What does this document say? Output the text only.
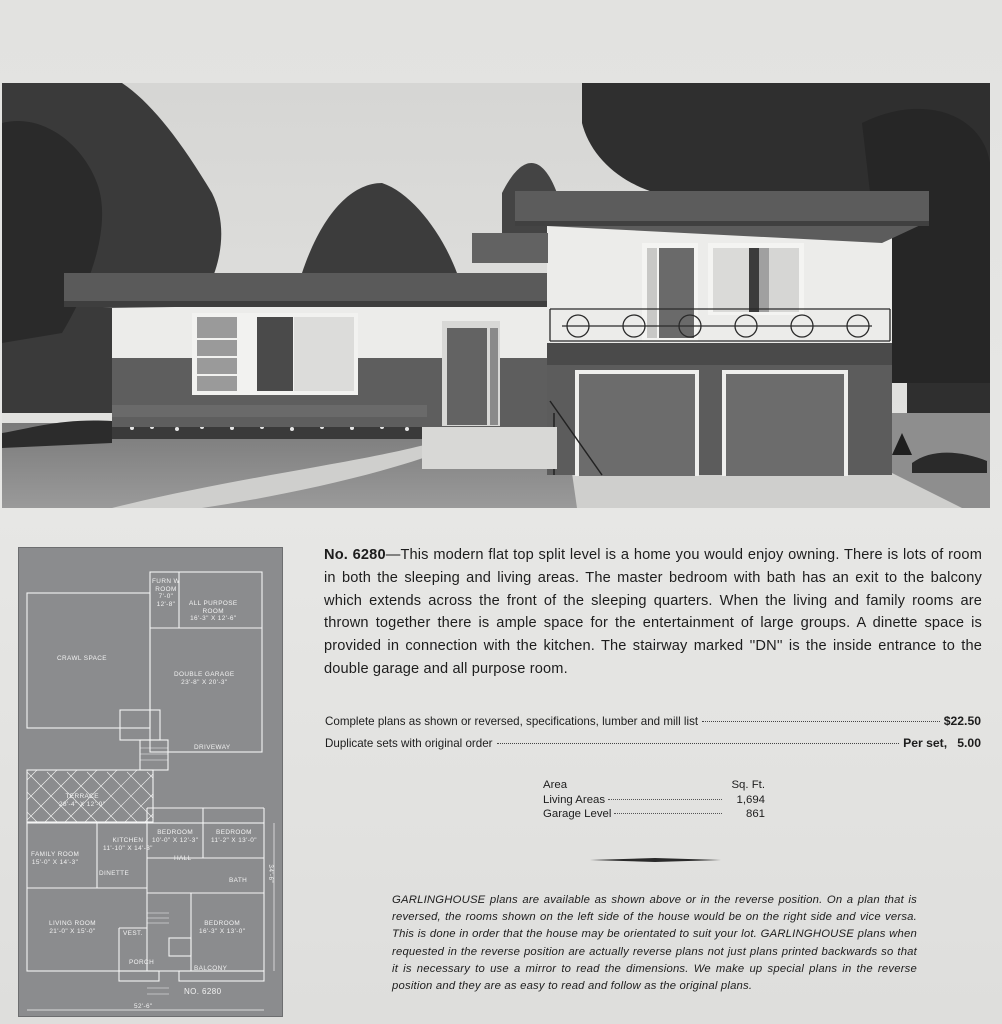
FURN W
ROOM
7'-0"
12'-8"	ALL PURPOSE
ROOM
16'-3" X 12'-6"
CRAWL SPACE
DOUBLE GARAGE
23'-8" X 20'-3"
DRIVEWAY
TERRACE
28'-4" X 12'-0"
BEDROOM
10'-0" X 12'-3"
BEDROOM
11'-2" X 13'-0"
FAMILY ROOM
15'-0" X 14'-3"
KITCHEN
11'-10" X 14'-3"
DINETTE
HALL
BATH
LIVING ROOM
21'-0" X 15'-0"	VEST.
BEDROOM
16'-3" X 13'-0"
PORCH
BALCONY
NO. 6280
52'-6"
34'-6"
No. 6280—This modern flat top split level is a home you would enjoy owning. There is lots of room in both the sleeping and living areas. The master bedroom with bath has an exit to the balcony which extends across the front of the sleeping quarters. When the living and family rooms are thrown together there is ample space for the entertainment of large groups. A dinette space is provided in connection with the kitchen. The stairway marked ''DN'' is the inside entrance to the double garage and all purpose room.
Complete plans as shown or reversed, specifications, lumber and mill list	$22.50
Duplicate sets with original order	Per set,   5.00
Area	Sq. Ft.
Living Areas	1,694
Garage Level	861
GARLINGHOUSE plans are available as shown above or in the reverse position. On a plan that is reversed, the rooms shown on the left side of the house would be on the right side and vice versa. This is done in order that the house may be orientated to suit your lot. GARLINGHOUSE plans when requested in the reverse position are actually reverse plans not just plans printed backwards so that it is necessary to use a mirror to read the dimensions. We make up special plans in the reverse position and they are as easy to read and follow as the original plans.
